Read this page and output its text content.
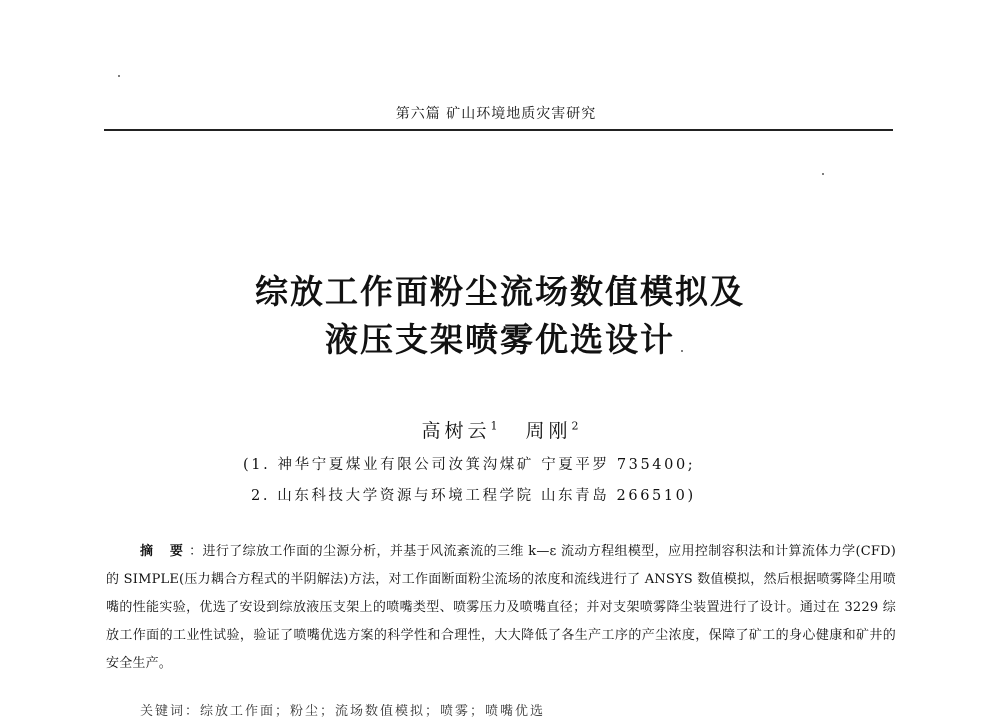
第六篇 矿山环境地质灾害研究
综放工作面粉尘流场数值模拟及
液压支架喷雾优选设计
高树云$^1$ 周刚$^2$
(1. 神华宁夏煤业有限公司汝箕沟煤矿 宁夏平罗 735400;
2. 山东科技大学资源与环境工程学院 山东青岛 266510)
摘 要：进行了综放工作面的尘源分析，并基于风流紊流的三维 k—ε 流动方程组模型，应用控制容积法和计算流体力学(CFD)的 SIMPLE(压力耦合方程式的半阴解法)方法，对工作面断面粉尘流场的浓度和流线进行了 ANSYS 数值模拟，然后根据喷雾降尘用喷嘴的性能实验，优选了安设到综放液压支架上的喷嘴类型、喷雾压力及喷嘴直径；并对支架喷雾降尘装置进行了设计。通过在 3229 综放工作面的工业性试验，验证了喷嘴优选方案的科学性和合理性，大大降低了各生产工序的产尘浓度，保障了矿工的身心健康和矿井的安全生产。
关键词：综放工作面；粉尘；流场数值模拟；喷雾；喷嘴优选
